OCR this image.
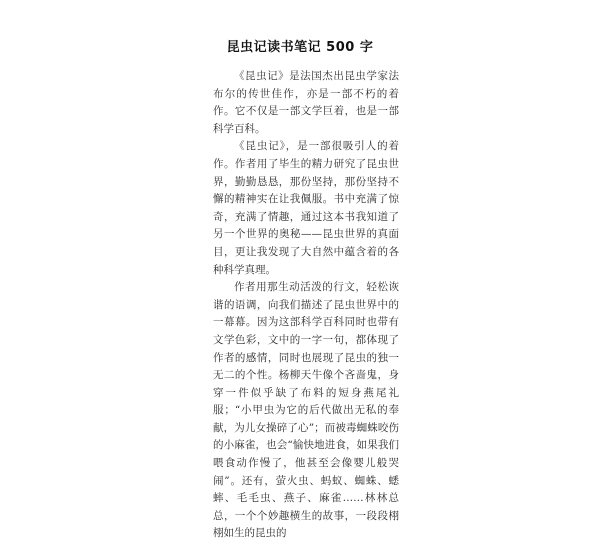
昆虫记读书笔记 500 字

《昆虫记》是法国杰出昆虫学家法布尔的传世佳作，亦是一部不朽的着作。它不仅是一部文学巨着，也是一部科学百科。

《昆虫记》，是一部很吸引人的着作。作者用了毕生的精力研究了昆虫世界，勤勤恳恳，那份坚持，那份坚持不懈的精神实在让我佩服。书中充满了惊奇，充满了情趣，通过这本书我知道了另一个世界的奥秘——昆虫世界的真面目，更让我发现了大自然中蕴含着的各种科学真理。

作者用那生动活泼的行文，轻松诙谐的语调，向我们描述了昆虫世界中的一幕幕。因为这部科学百科同时也带有文学色彩，文中的一字一句，都体现了作者的感情，同时也展现了昆虫的独一无二的个性。杨柳天牛像个吝啬鬼，身穿一件似乎缺了布料的短身燕尾礼服；“小甲虫为它的后代做出无私的奉献，为儿女操碎了心”；而被毒蜘蛛咬伤的小麻雀，也会“愉快地进食，如果我们喂食动作慢了，他甚至会像婴儿般哭闹”。还有，萤火虫、蚂蚁、蜘蛛、蟋蟀、毛毛虫、燕子、麻雀……林林总总，一个个妙趣横生的故事，一段段栩栩如生的昆虫的
